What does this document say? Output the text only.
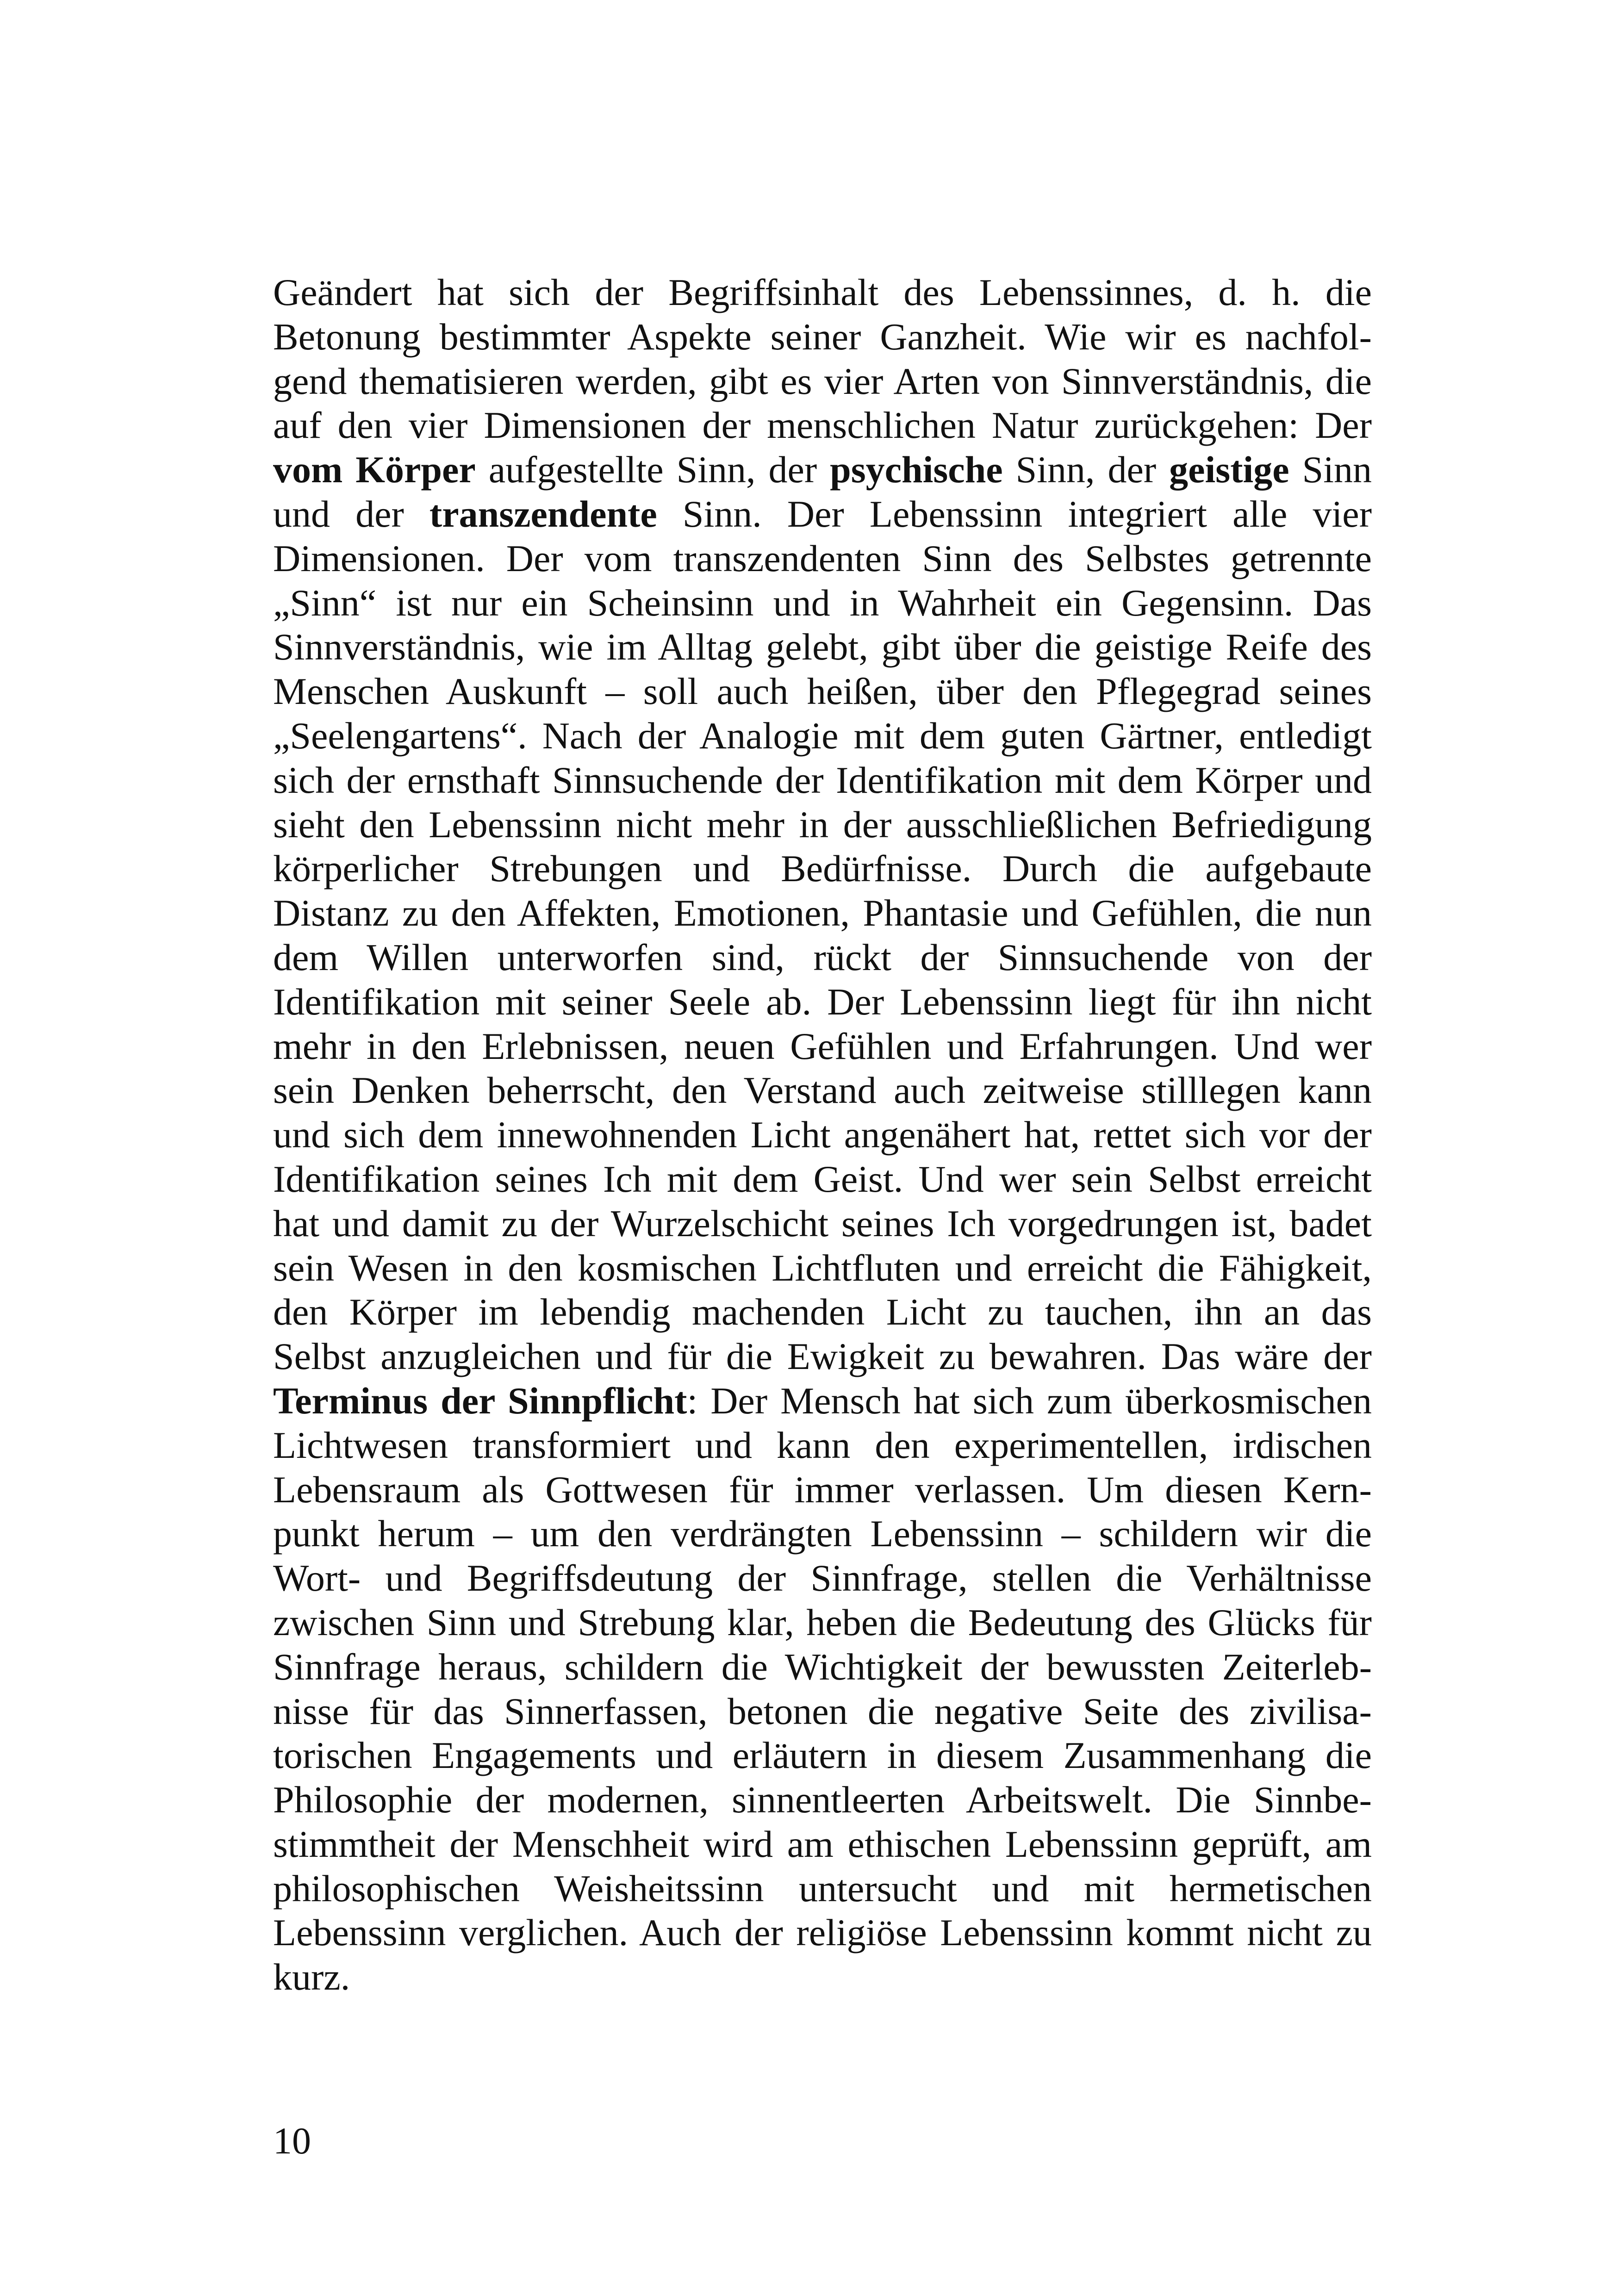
Geändert hat sich der Begriffsinhalt des Lebenssinnes, d. h. die
Betonung bestimmter Aspekte seiner Ganzheit. Wie wir es nachfol-
gend thematisieren werden, gibt es vier Arten von Sinnverständnis, die
auf den vier Dimensionen der menschlichen Natur zurückgehen: Der
vom Körper aufgestellte Sinn, der psychische Sinn, der geistige Sinn
und der transzendente Sinn. Der Lebenssinn integriert alle vier
Dimensionen. Der vom transzendenten Sinn des Selbstes getrennte
„Sinn“ ist nur ein Scheinsinn und in Wahrheit ein Gegensinn. Das
Sinnverständnis, wie im Alltag gelebt, gibt über die geistige Reife des
Menschen Auskunft – soll auch heißen, über den Pflegegrad seines
„Seelengartens“. Nach der Analogie mit dem guten Gärtner, entledigt
sich der ernsthaft Sinnsuchende der Identifikation mit dem Körper und
sieht den Lebenssinn nicht mehr in der ausschließlichen Befriedigung
körperlicher Strebungen und Bedürfnisse. Durch die aufgebaute
Distanz zu den Affekten, Emotionen, Phantasie und Gefühlen, die nun
dem Willen unterworfen sind, rückt der Sinnsuchende von der
Identifikation mit seiner Seele ab. Der Lebenssinn liegt für ihn nicht
mehr in den Erlebnissen, neuen Gefühlen und Erfahrungen. Und wer
sein Denken beherrscht, den Verstand auch zeitweise stilllegen kann
und sich dem innewohnenden Licht angenähert hat, rettet sich vor der
Identifikation seines Ich mit dem Geist. Und wer sein Selbst erreicht
hat und damit zu der Wurzelschicht seines Ich vorgedrungen ist, badet
sein Wesen in den kosmischen Lichtfluten und erreicht die Fähigkeit,
den Körper im lebendig machenden Licht zu tauchen, ihn an das
Selbst anzugleichen und für die Ewigkeit zu bewahren. Das wäre der
Terminus der Sinnpflicht: Der Mensch hat sich zum überkosmischen
Lichtwesen transformiert und kann den experimentellen, irdischen
Lebensraum als Gottwesen für immer verlassen. Um diesen Kern-
punkt herum – um den verdrängten Lebenssinn – schildern wir die
Wort- und Begriffsdeutung der Sinnfrage, stellen die Verhältnisse
zwischen Sinn und Strebung klar, heben die Bedeutung des Glücks für
Sinnfrage heraus, schildern die Wichtigkeit der bewussten Zeiterleb-
nisse für das Sinnerfassen, betonen die negative Seite des zivilisa-
torischen Engagements und erläutern in diesem Zusammenhang die
Philosophie der modernen, sinnentleerten Arbeitswelt. Die Sinnbe-
stimmtheit der Menschheit wird am ethischen Lebenssinn geprüft, am
philosophischen Weisheitssinn untersucht und mit hermetischen
Lebenssinn verglichen. Auch der religiöse Lebenssinn kommt nicht zu
kurz.
10
